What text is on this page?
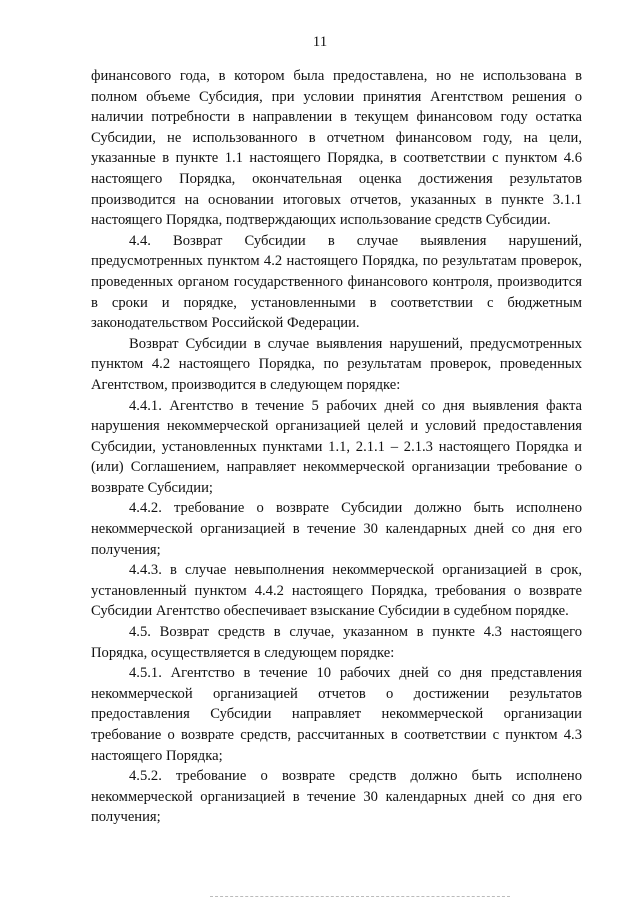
11

финансового года, в котором была предоставлена, но не использована в полном объеме Субсидия, при условии принятия Агентством решения о наличии потребности в направлении в текущем финансовом году остатка Субсидии, не использованного в отчетном финансовом году, на цели, указанные в пункте 1.1 настоящего Порядка, в соответствии с пунктом 4.6 настоящего Порядка, окончательная оценка достижения результатов производится на основании итоговых отчетов, указанных в пункте 3.1.1 настоящего Порядка, подтверждающих использование средств Субсидии.

4.4. Возврат Субсидии в случае выявления нарушений, предусмотренных пунктом 4.2 настоящего Порядка, по результатам проверок, проведенных органом государственного финансового контроля, производится в сроки и порядке, установленными в соответствии с бюджетным законодательством Российской Федерации.

Возврат Субсидии в случае выявления нарушений, предусмотренных пунктом 4.2 настоящего Порядка, по результатам проверок, проведенных Агентством, производится в следующем порядке:

4.4.1. Агентство в течение 5 рабочих дней со дня выявления факта нарушения некоммерческой организацией целей и условий предоставления Субсидии, установленных пунктами 1.1, 2.1.1 – 2.1.3 настоящего Порядка и (или) Соглашением, направляет некоммерческой организации требование о возврате Субсидии;

4.4.2. требование о возврате Субсидии должно быть исполнено некоммерческой организацией в течение 30 календарных дней со дня его получения;

4.4.3. в случае невыполнения некоммерческой организацией в срок, установленный пунктом 4.4.2 настоящего Порядка, требования о возврате Субсидии Агентство обеспечивает взыскание Субсидии в судебном порядке.

4.5. Возврат средств в случае, указанном в пункте 4.3 настоящего Порядка, осуществляется в следующем порядке:

4.5.1. Агентство в течение 10 рабочих дней со дня представления некоммерческой организацией отчетов о достижении результатов предоставления Субсидии направляет некоммерческой организации требование о возврате средств, рассчитанных в соответствии с пунктом 4.3 настоящего Порядка;

4.5.2. требование о возврате средств должно быть исполнено некоммерческой организацией в течение 30 календарных дней со дня его получения;
